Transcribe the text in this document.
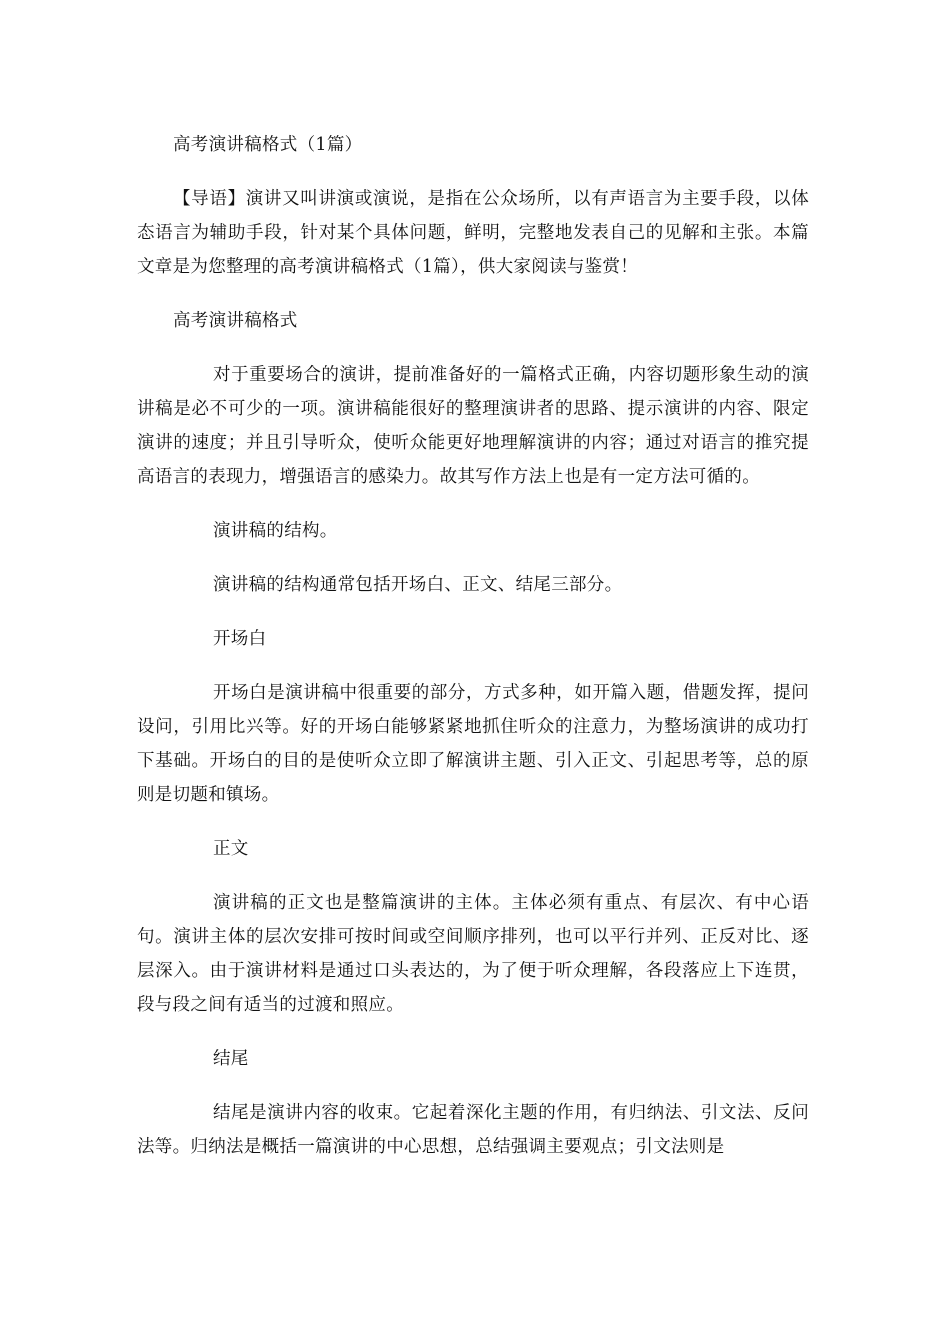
高考演讲稿格式（1篇）

【导语】演讲又叫讲演或演说，是指在公众场所，以有声语言为主要手段，以体态语言为辅助手段，针对某个具体问题，鲜明，完整地发表自己的见解和主张。本篇文章是为您整理的高考演讲稿格式（1篇），供大家阅读与鉴赏！

高考演讲稿格式

对于重要场合的演讲，提前准备好的一篇格式正确，内容切题形象生动的演讲稿是必不可少的一项。演讲稿能很好的整理演讲者的思路、提示演讲的内容、限定演讲的速度；并且引导听众，使听众能更好地理解演讲的内容；通过对语言的推究提高语言的表现力，增强语言的感染力。故其写作方法上也是有一定方法可循的。

演讲稿的结构。

演讲稿的结构通常包括开场白、正文、结尾三部分。

开场白

开场白是演讲稿中很重要的部分，方式多种，如开篇入题，借题发挥，提问设问，引用比兴等。好的开场白能够紧紧地抓住听众的注意力，为整场演讲的成功打下基础。开场白的目的是使听众立即了解演讲主题、引入正文、引起思考等，总的原则是切题和镇场。

正文

演讲稿的正文也是整篇演讲的主体。主体必须有重点、有层次、有中心语句。演讲主体的层次安排可按时间或空间顺序排列，也可以平行并列、正反对比、逐层深入。由于演讲材料是通过口头表达的，为了便于听众理解，各段落应上下连贯，段与段之间有适当的过渡和照应。

结尾

结尾是演讲内容的收束。它起着深化主题的作用，有归纳法、引文法、反问法等。归纳法是概括一篇演讲的中心思想，总结强调主要观点；引文法则是
